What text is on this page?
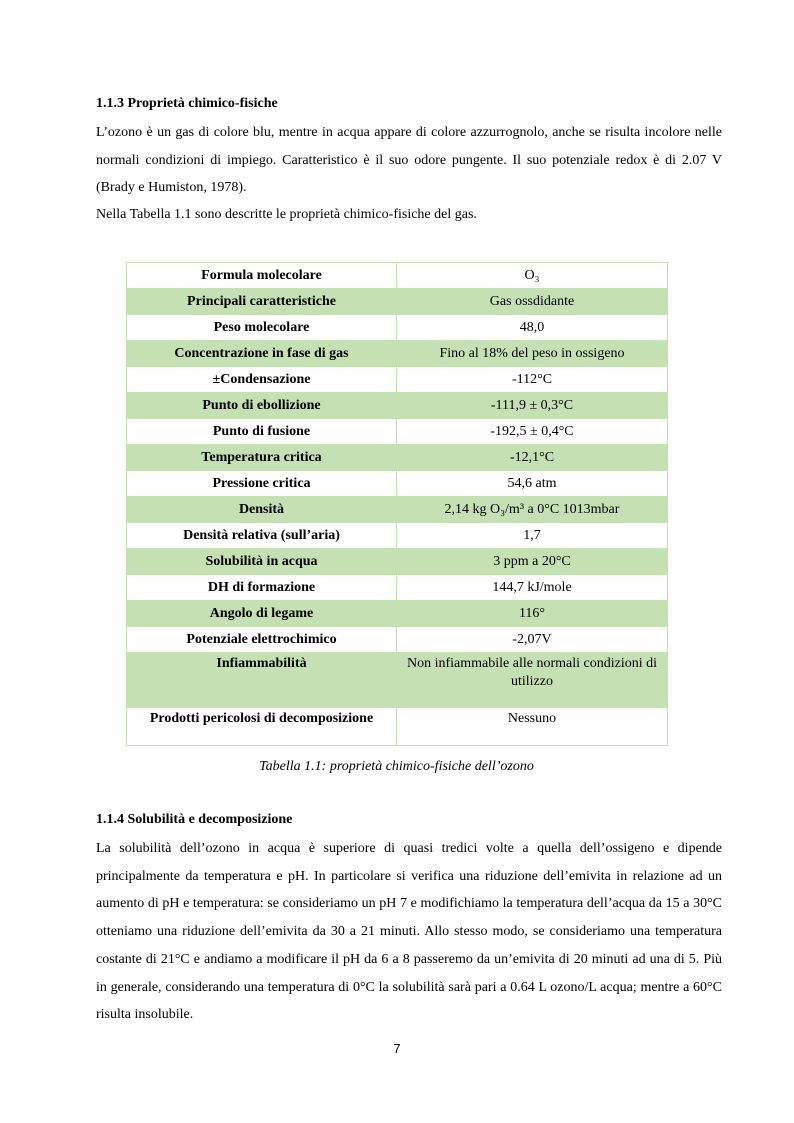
1.1.3 Proprietà chimico-fisiche

L’ozono è un gas di colore blu, mentre in acqua appare di colore azzurrognolo, anche se risulta incolore nelle normali condizioni di impiego. Caratteristico è il suo odore pungente. Il suo potenziale redox è di 2.07 V (Brady e Humiston, 1978).

Nella Tabella 1.1 sono descritte le proprietà chimico-fisiche del gas.

Formula molecolare	O₃
Principali caratteristiche	Gas ossdidante
Peso molecolare	48,0
Concentrazione in fase di gas	Fino al 18% del peso in ossigeno
±Condensazione	-112°C
Punto di ebollizione	-111,9 ± 0,3°C
Punto di fusione	-192,5 ± 0,4°C
Temperatura critica	-12,1°C
Pressione critica	54,6 atm
Densità	2,14 kg O₃/m³ a 0°C 1013mbar
Densità relativa (sull’aria)	1,7
Solubilità in acqua	3 ppm a 20°C
DH di formazione	144,7 kJ/mole
Angolo di legame	116°
Potenziale elettrochimico	-2,07V
Infiammabilità	Non infiammabile alle normali condizioni di utilizzo
Prodotti pericolosi di decomposizione	Nessuno

Tabella 1.1: proprietà chimico-fisiche dell’ozono

1.1.4 Solubilità e decomposizione

La solubilità dell’ozono in acqua è superiore di quasi tredici volte a quella dell’ossigeno e dipende principalmente da temperatura e pH. In particolare si verifica una riduzione dell’emivita in relazione ad un aumento di pH e temperatura: se consideriamo un pH 7 e modifichiamo la temperatura dell’acqua da 15 a 30°C otteniamo una riduzione dell’emivita da 30 a 21 minuti. Allo stesso modo, se consideriamo una temperatura costante di 21°C e andiamo a modificare il pH da 6 a 8 passeremo da un’emivita di 20 minuti ad una di 5. Più in generale, considerando una temperatura di 0°C la solubilità sarà pari a 0.64 L ozono/L acqua; mentre a 60°C risulta insolubile.

7
